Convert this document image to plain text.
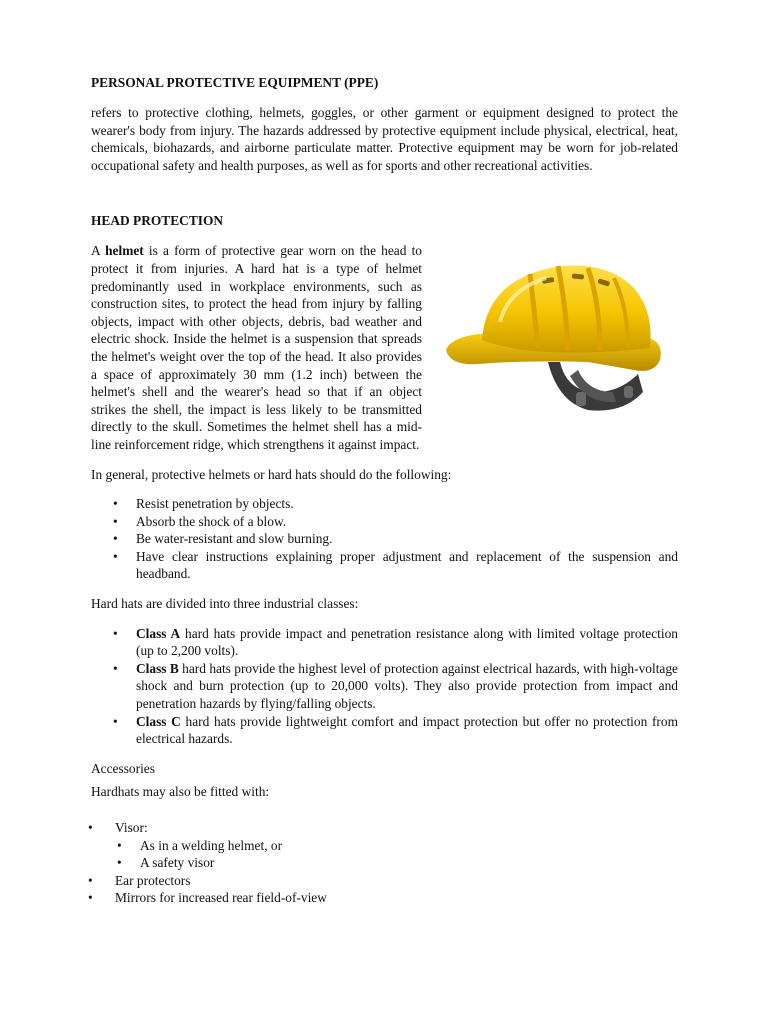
PERSONAL PROTECTIVE EQUIPMENT (PPE)

refers to protective clothing, helmets, goggles, or other garment or equipment designed to protect the wearer's body from injury. The hazards addressed by protective equipment include physical, electrical, heat, chemicals, biohazards, and airborne particulate matter. Protective equipment may be worn for job-related occupational safety and health purposes, as well as for sports and other recreational activities.

HEAD PROTECTION

A helmet is a form of protective gear worn on the head to protect it from injuries. A hard hat is a type of helmet predominantly used in workplace environments, such as construction sites, to protect the head from injury by falling objects, impact with other objects, debris, bad weather and electric shock. Inside the helmet is a suspension that spreads the helmet's weight over the top of the head. It also provides a space of approximately 30 mm (1.2 inch) between the helmet's shell and the wearer's head so that if an object strikes the shell, the impact is less likely to be transmitted directly to the skull. Sometimes the helmet shell has a mid-line reinforcement ridge, which strengthens it against impact.

In general, protective helmets or hard hats should do the following:

• Resist penetration by objects.
• Absorb the shock of a blow.
• Be water-resistant and slow burning.
• Have clear instructions explaining proper adjustment and replacement of the suspension and headband.

Hard hats are divided into three industrial classes:

• Class A hard hats provide impact and penetration resistance along with limited voltage protection (up to 2,200 volts).
• Class B hard hats provide the highest level of protection against electrical hazards, with high-voltage shock and burn protection (up to 20,000 volts). They also provide protection from impact and penetration hazards by flying/falling objects.
• Class C hard hats provide lightweight comfort and impact protection but offer no protection from electrical hazards.

Accessories

Hardhats may also be fitted with:

• Visor:
• As in a welding helmet, or
• A safety visor
• Ear protectors
• Mirrors for increased rear field-of-view
